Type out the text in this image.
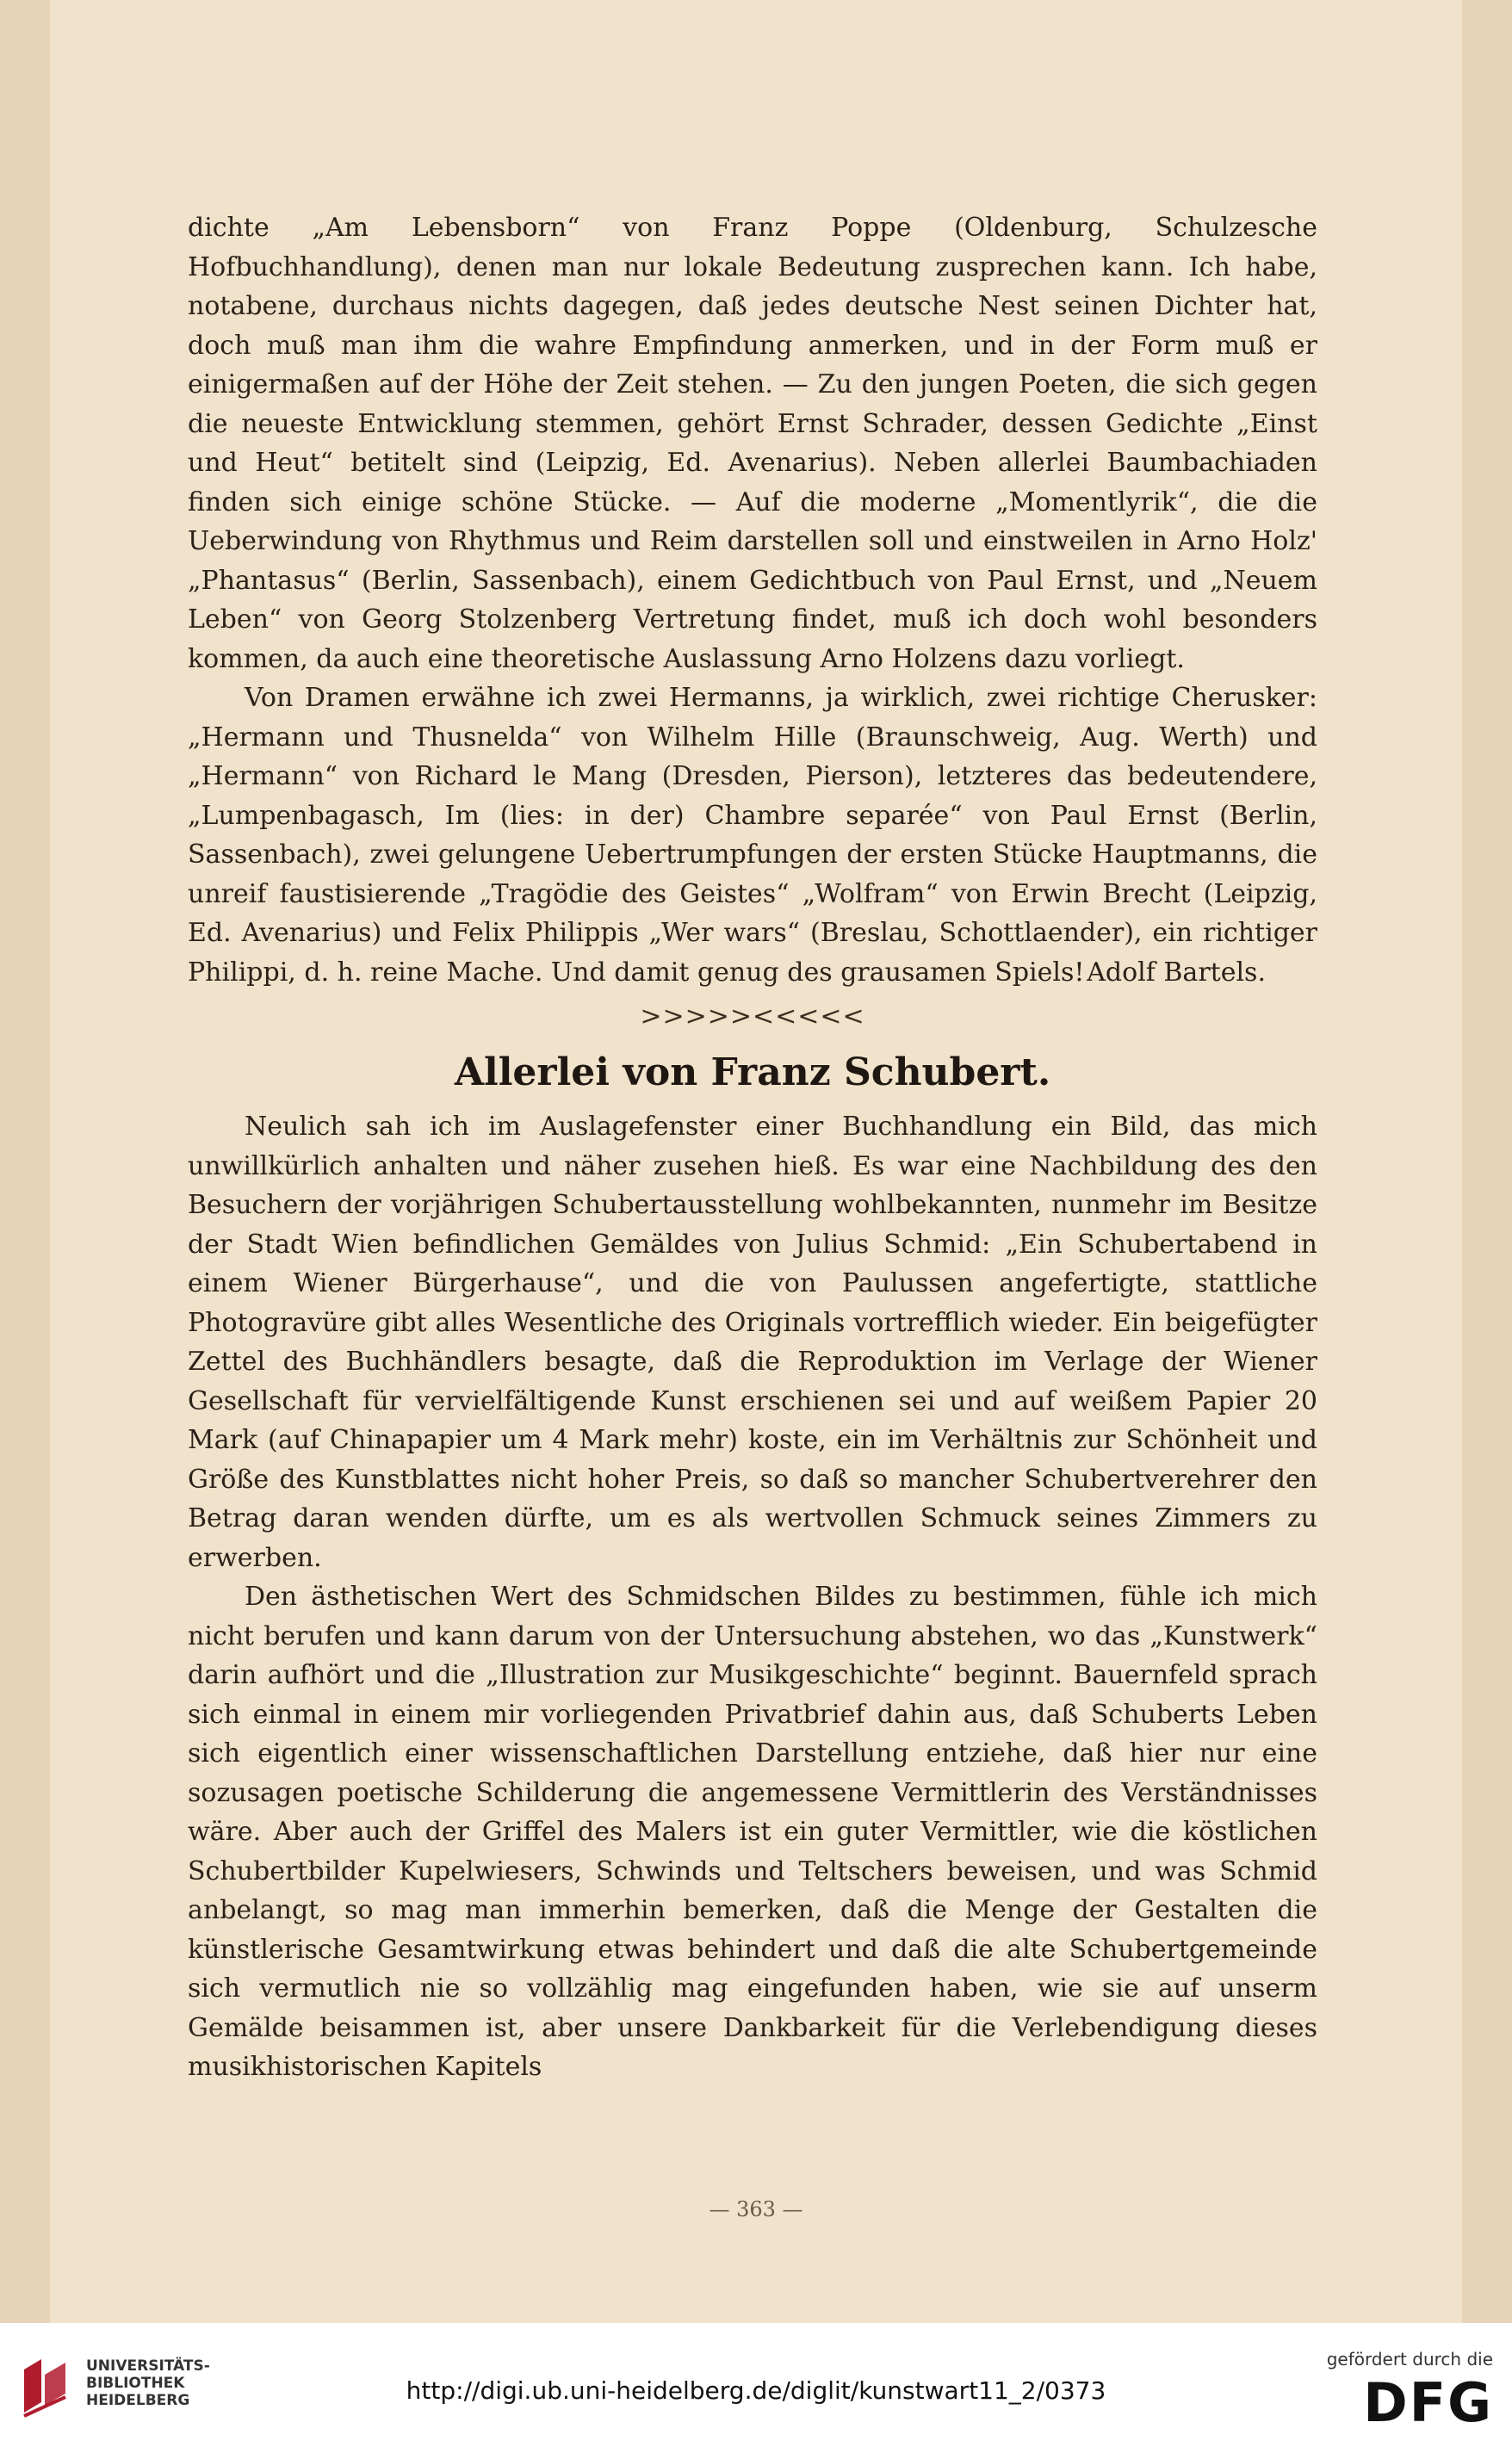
dichte „Am Lebensborn“ von Franz Poppe (Oldenburg, Schulzesche Hofbuchhandlung), denen man nur lokale Bedeutung zusprechen kann. Ich habe, notabene, durchaus nichts dagegen, daß jedes deutsche Nest seinen Dichter hat, doch muß man ihm die wahre Empfindung anmerken, und in der Form muß er einigermaßen auf der Höhe der Zeit stehen. — Zu den jungen Poeten, die sich gegen die neueste Entwicklung stemmen, gehört Ernst Schrader, dessen Gedichte „Einst und Heut“ betitelt sind (Leipzig, Ed. Avenarius). Neben allerlei Baumbachiaden finden sich einige schöne Stücke. — Auf die moderne „Momentlyrik“, die die Ueberwindung von Rhythmus und Reim darstellen soll und einstweilen in Arno Holz' „Phantasus“ (Berlin, Sassenbach), einem Gedichtbuch von Paul Ernst, und „Neuem Leben“ von Georg Stolzenberg Vertretung findet, muß ich doch wohl besonders kommen, da auch eine theoretische Auslassung Arno Holzens dazu vorliegt.

Von Dramen erwähne ich zwei Hermanns, ja wirklich, zwei richtige Cherusker: „Hermann und Thusnelda“ von Wilhelm Hille (Braunschweig, Aug. Werth) und „Hermann“ von Richard le Mang (Dresden, Pierson), letzteres das bedeutendere, „Lumpenbagasch, Im (lies: in der) Chambre separée“ von Paul Ernst (Berlin, Sassenbach), zwei gelungene Uebertrumpfungen der ersten Stücke Hauptmanns, die unreif faustisierende „Tragödie des Geistes“ „Wolfram“ von Erwin Brecht (Leipzig, Ed. Avenarius) und Felix Philippis „Wer wars“ (Breslau, Schottlaender), ein richtiger Philippi, d. h. reine Mache. Und damit genug des grausamen Spiels! Adolf Bartels.

>>>>><<<<<
Allerlei von Franz Schubert.

Neulich sah ich im Auslagefenster einer Buchhandlung ein Bild, das mich unwillkürlich anhalten und näher zusehen hieß. Es war eine Nachbildung des den Besuchern der vorjährigen Schubertausstellung wohlbekannten, nunmehr im Besitze der Stadt Wien befindlichen Gemäldes von Julius Schmid: „Ein Schubertabend in einem Wiener Bürgerhause“, und die von Paulussen angefertigte, stattliche Photogravüre gibt alles Wesentliche des Originals vortrefflich wieder. Ein beigefügter Zettel des Buchhändlers besagte, daß die Reproduktion im Verlage der Wiener Gesellschaft für vervielfältigende Kunst erschienen sei und auf weißem Papier 20 Mark (auf Chinapapier um 4 Mark mehr) koste, ein im Verhältnis zur Schönheit und Größe des Kunstblattes nicht hoher Preis, so daß so mancher Schubertverehrer den Betrag daran wenden dürfte, um es als wertvollen Schmuck seines Zimmers zu erwerben.

Den ästhetischen Wert des Schmidschen Bildes zu bestimmen, fühle ich mich nicht berufen und kann darum von der Untersuchung abstehen, wo das „Kunstwerk“ darin aufhört und die „Illustration zur Musikgeschichte“ beginnt. Bauernfeld sprach sich einmal in einem mir vorliegenden Privatbrief dahin aus, daß Schuberts Leben sich eigentlich einer wissenschaftlichen Darstellung entziehe, daß hier nur eine sozusagen poetische Schilderung die angemessene Vermittlerin des Verständnisses wäre. Aber auch der Griffel des Malers ist ein guter Vermittler, wie die köstlichen Schubertbilder Kupelwiesers, Schwinds und Teltschers beweisen, und was Schmid anbelangt, so mag man immerhin bemerken, daß die Menge der Gestalten die künstlerische Gesamtwirkung etwas behindert und daß die alte Schubertgemeinde sich vermutlich nie so vollzählig mag eingefunden haben, wie sie auf unserm Gemälde beisammen ist, aber unsere Dankbarkeit für die Verlebendigung dieses musikhistorischen Kapitels

— 363 —
UNIVERSITÄTS-
BIBLIOTHEK
HEIDELBERG	http://digi.ub.uni-heidelberg.de/diglit/kunstwart11_2/0373
gefördert durch die
DFG
